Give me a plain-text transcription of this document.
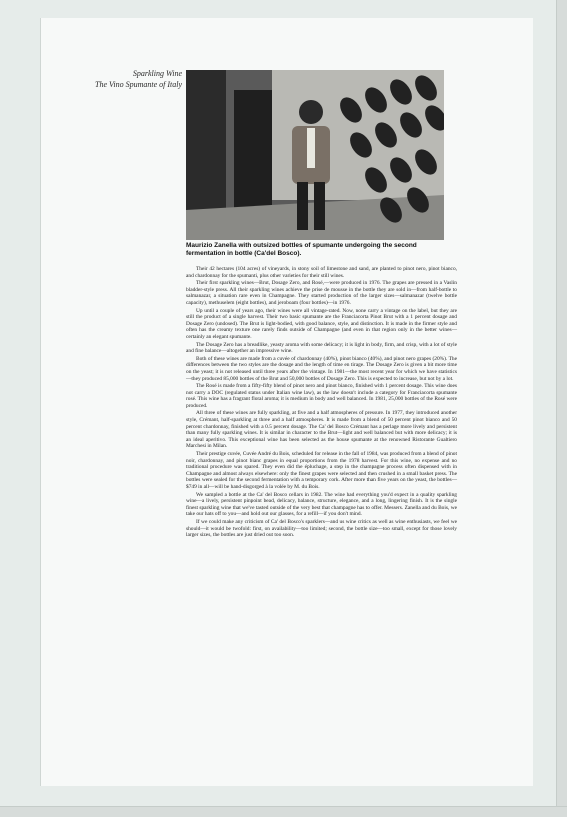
Sparkling Wine
The Vino Spumante of Italy
Maurizio Zanella with outsized bottles of spumante undergoing the second fermentation in bottle (Ca'del Bosco).

Their 42 hectares (104 acres) of vineyards, in stony soil of limestone and sand, are planted to pinot nero, pinot bianco, and chardonnay for the spumanti, plus other varieties for their still wines.

Their first sparkling wines—Brut, Dosage Zero, and Rosé,—were produced in 1976. The grapes are pressed in a Vaslin bladder-style press. All their sparkling wines achieve the prise de mousse in the bottle they are sold in—from half-bottle to salmanazar, a situation rare even in Champagne. They started production of the larger sizes—salmanazar (twelve bottle capacity), methuselem (eight bottles), and jeroboam (four bottles)—in 1976.

Up until a couple of years ago, their wines were all vintage-rated. Now, none carry a vintage on the label, but they are still the product of a single harvest. Their two basic spumante are the Franciacorta Pinot Brut with a 1 percent dosage and Dosage Zero (undosed). The Brut is light-bodied, with good balance, style, and distinction. It is made in the firmer style and often has the creamy texture one rarely finds outside of Champagne (and even in that region only in the better wines—certainly an elegant spumante.

The Dosage Zero has a breadlike, yeasty aroma with some delicacy; it is light in body, firm, and crisp, with a lot of style and fine balance—altogether an impressive wine.

Both of these wines are made from a cuvée of chardonnay (40%), pinot bianco (40%), and pinot nero grapes (20%). The differences between the two styles are the dosage and the length of time en tirage. The Dosage Zero is given a bit more time on the yeast; it is not released until three years after the vintage. In 1981—the most recent year for which we have statistics—they produced 85,000 bottles of the Brut and 50,000 bottles of Dosage Zero. This is expected to increase, but not by a lot.

The Rosé is made from a fifty-fifty blend of pinot nero and pinot bianco, finished with 1 percent dosage. This wine does not carry a DOC (regulated status under Italian wine law), as the law doesn't include a category for Franciacorta spumante rosé. This wine has a fragrant floral aroma; it is medium in body and well balanced. In 1981, 25,000 bottles of the Rosé were produced.

All three of these wines are fully sparkling, at five and a half atmospheres of pressure. In 1977, they introduced another style, Crémant, half-sparkling at three and a half atmospheres. It is made from a blend of 50 percent pinot bianco and 50 percent chardonnay, finished with a 0.5 percent dosage. The Ca' del Bosco Crémant has a perlage more lively and persistent than many fully sparkling wines. It is similar in character to the Brut—light and well balanced but with more delicacy; it is an ideal aperitivo. This exceptional wine has been selected as the house spumante at the renowned Ristorante Gualtiero Marchesi in Milan.

Their prestige cuvée, Cuvée André du Bois, scheduled for release in the fall of 1984, was produced from a blend of pinot noir, chardonnay, and pinot bianc grapes in equal proportions from the 1978 harvest. For this wine, no expense and no traditional procedure was spared. They even did the épluchage, a step in the champagne process often dispensed with in Champagne and almost always elsewhere: only the finest grapes were selected and then crushed in a small basket press. The bottles were sealed for the second fermentation with a temporary cork. After more than five years on the yeast, the bottles—$749 in all—will be hand-disgorged à la volée by M. du Bois.

We sampled a bottle at the Ca' del Bosco cellars in 1982. The wine had everything you'd expect in a quality sparkling wine—a lively, persistent pinpoint bead, delicacy, balance, structure, elegance, and a long, lingering finish. It is the single finest sparkling wine that we've tasted outside of the very best that champagne has to offer. Messers. Zanella and du Bois, we take our hats off to you—and hold out our glasses, for a refill—if you don't mind.

If we could make any criticism of Ca' del Bosco's sparklers—and us wine critics as well as wine enthusiasts, we feel we should—it would be twofold: first, on availability—too limited; second, the bottle size—too small, except for those lovely larger sizes, the bottles are just dried out too soon.
